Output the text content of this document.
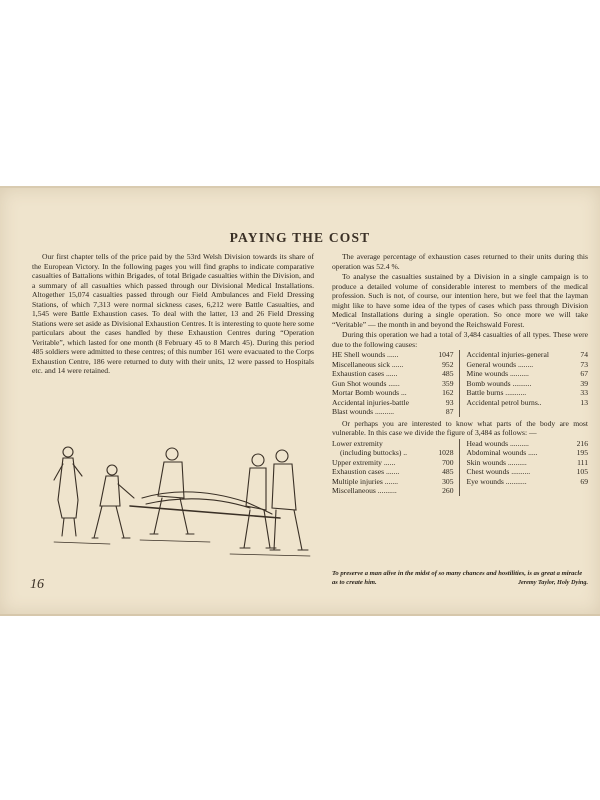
PAYING THE COST

Our first chapter tells of the price paid by the 53rd Welsh Division towards its share of the European Victory. In the following pages you will find graphs to indicate comparative casualties of Battalions within Brigades, of total Brigade casualties within the Division, and a summary of all casualties which passed through our Divisional Medical Installations. Altogether 15,074 casualties passed through our Field Ambulances and Field Dressing Stations, of which 7,313 were normal sickness cases, 6,212 were Battle Casualties, and 1,545 were Battle Exhaustion cases. To deal with the latter, 13 and 26 Field Dressing Stations were set aside as Divisional Exhaustion Centres. It is interesting to quote here some particulars about the cases handled by these Exhaustion Centres during “Operation Veritable”, which lasted for one month (8 February 45 to 8 March 45). During this period 485 soldiers were admitted to these centres; of this number 161 were evacuated to the Corps Exhaustion Centre, 186 were returned to duty with their units, 12 were passed to Hospitals etc. and 14 were retained.

16

The average percentage of exhaustion cases returned to their units during this operation was 52.4 %.

To analyse the casualties sustained by a Division in a single campaign is to produce a detailed volume of considerable interest to members of the medical profession. Such is not, of course, our intention here, but we feel that the layman might like to have some idea of the types of cases which pass through Division Medical Installations during a single operation. So once more we will take “Veritable” — the month in and beyond the Reichswald Forest.

During this operation we had a total of 3,484 casualties of all types. These were due to the following causes:

HE Shell wounds ......	1047
Miscellaneous sick ......	952
Exhaustion cases ......	485
Gun Shot wounds ......	359
Mortar Bomb wounds ...	162
Accidental injuries-battle	93
Blast wounds ..........	87
Accidental injuries-general	74
General wounds ........	73
Mine wounds ..........	67
Bomb wounds ..........	39
Battle burns ...........	33
Accidental petrol burns..	13

Or perhaps you are interested to know what parts of the body are most vulnerable. In this case we divide the figure of 3,484 as follows: —

Lower extremity
(including buttocks) ..	1028
Upper extremity ......	700
Exhaustion cases .......	485
Multiple injuries .......	305
Miscellaneous ..........	260
Head wounds ..........	216
Abdominal wounds .....	195
Skin wounds ..........	111
Chest wounds ..........	105
Eye wounds ...........	69
To preserve a man alive in the midst of so many chances and hostilities, is as great a miracle as to create him.	Jeremy Taylor, Holy Dying.
